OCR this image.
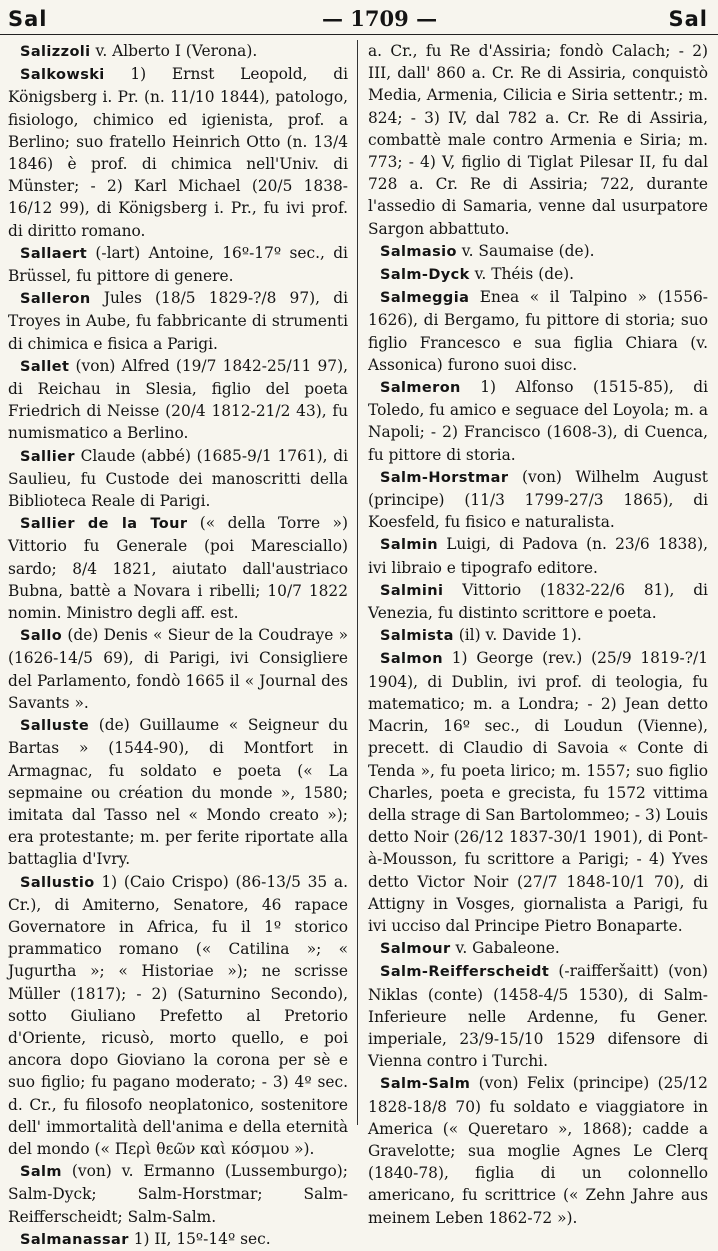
Sal	— 1709 —	Sal

Salizzoli v. Alberto I (Verona).

Salkowski 1) Ernst Leopold, di Königsberg i. Pr. (n. 11/10 1844), patologo, fisiologo, chimico ed igienista, prof. a Berlino; suo fratello Heinrich Otto (n. 13/4 1846) è prof. di chimica nell'Univ. di Münster; - 2) Karl Michael (20/5 1838-16/12 99), di Königsberg i. Pr., fu ivi prof. di diritto romano.

Sallaert (-lart) Antoine, 16º-17º sec., di Brüssel, fu pittore di genere.

Salleron Jules (18/5 1829-?/8 97), di Troyes in Aube, fu fabbricante di strumenti di chimica e fisica a Parigi.

Sallet (von) Alfred (19/7 1842-25/11 97), di Reichau in Slesia, figlio del poeta Friedrich di Neisse (20/4 1812-21/2 43), fu numismatico a Berlino.

Sallier Claude (abbé) (1685-9/1 1761), di Saulieu, fu Custode dei manoscritti della Biblioteca Reale di Parigi.

Sallier de la Tour (« della Torre ») Vittorio fu Generale (poi Maresciallo) sardo; 8/4 1821, aiutato dall'austriaco Bubna, battè a Novara i ribelli; 10/7 1822 nomin. Ministro degli aff. est.

Sallo (de) Denis « Sieur de la Coudraye » (1626-14/5 69), di Parigi, ivi Consigliere del Parlamento, fondò 1665 il « Journal des Savants ».

Salluste (de) Guillaume « Seigneur du Bartas » (1544-90), di Montfort in Armagnac, fu soldato e poeta (« La sepmaine ou création du monde », 1580; imitata dal Tasso nel « Mondo creato »); era protestante; m. per ferite riportate alla battaglia d'Ivry.

Sallustio 1) (Caio Crispo) (86-13/5 35 a. Cr.), di Amiterno, Senatore, 46 rapace Governatore in Africa, fu il 1º storico prammatico romano (« Catilina »; « Jugurtha »; « Historiae »); ne scrisse Müller (1817); - 2) (Saturnino Secondo), sotto Giuliano Prefetto al Pretorio d'Oriente, ricusò, morto quello, e poi ancora dopo Gioviano la corona per sè e suo figlio; fu pagano moderato; - 3) 4º sec. d. Cr., fu filosofo neoplatonico, sostenitore dell' immortalità dell'anima e della eternità del mondo (« Περὶ θεῶν καὶ κόσμου »).

Salm (von) v. Ermanno (Lussemburgo); Salm-Dyck; Salm-Horstmar; Salm-Reifferscheidt; Salm-Salm.

Salmanassar 1) II, 15º-14º sec.

a. Cr., fu Re d'Assiria; fondò Calach; - 2) III, dall' 860 a. Cr. Re di Assiria, conquistò Media, Armenia, Cilicia e Siria settentr.; m. 824; - 3) IV, dal 782 a. Cr. Re di Assiria, combattè male contro Armenia e Siria; m. 773; - 4) V, figlio di Tiglat Pilesar II, fu dal 728 a. Cr. Re di Assiria; 722, durante l'assedio di Samaria, venne dal usurpatore Sargon abbattuto.

Salmasio v. Saumaise (de).

Salm-Dyck v. Théis (de).

Salmeggia Enea « il Talpino » (1556-1626), di Bergamo, fu pittore di storia; suo figlio Francesco e sua figlia Chiara (v. Assonica) furono suoi disc.

Salmeron 1) Alfonso (1515-85), di Toledo, fu amico e seguace del Loyola; m. a Napoli; - 2) Francisco (1608-3), di Cuenca, fu pittore di storia.

Salm-Horstmar (von) Wilhelm August (principe) (11/3 1799-27/3 1865), di Koesfeld, fu fisico e naturalista.

Salmin Luigi, di Padova (n. 23/6 1838), ivi libraio e tipografo editore.

Salmini Vittorio (1832-22/6 81), di Venezia, fu distinto scrittore e poeta.

Salmista (il) v. Davide 1).

Salmon 1) George (rev.) (25/9 1819-?/1 1904), di Dublin, ivi prof. di teologia, fu matematico; m. a Londra; - 2) Jean detto Macrin, 16º sec., di Loudun (Vienne), precett. di Claudio di Savoia « Conte di Tenda », fu poeta lirico; m. 1557; suo figlio Charles, poeta e grecista, fu 1572 vittima della strage di San Bartolommeo; - 3) Louis detto Noir (26/12 1837-30/1 1901), di Pont-à-Mousson, fu scrittore a Parigi; - 4) Yves detto Victor Noir (27/7 1848-10/1 70), di Attigny in Vosges, giornalista a Parigi, fu ivi ucciso dal Principe Pietro Bonaparte.

Salmour v. Gabaleone.

Salm-Reifferscheidt (-raifferšaitt) (von) Niklas (conte) (1458-4/5 1530), di Salm-Inferieure nelle Ardenne, fu Gener. imperiale, 23/9-15/10 1529 difensore di Vienna contro i Turchi.

Salm-Salm (von) Felix (principe) (25/12 1828-18/8 70) fu soldato e viaggiatore in America (« Queretaro », 1868); cadde a Gravelotte; sua moglie Agnes Le Clerq (1840-78), figlia di un colonnello americano, fu scrittrice (« Zehn Jahre aus meinem Leben 1862-72 »).
